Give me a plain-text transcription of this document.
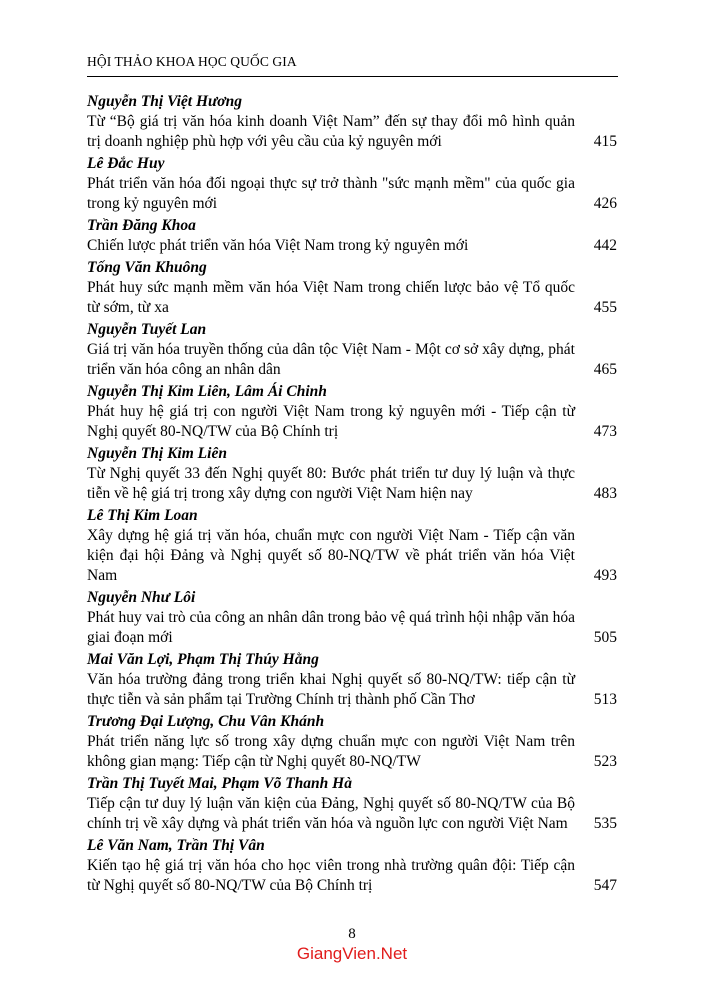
HỘI THẢO KHOA HỌC QUỐC GIA
Nguyễn Thị Việt Hương
Từ “Bộ giá trị văn hóa kinh doanh Việt Nam” đến sự thay đổi mô hình quản trị doanh nghiệp phù hợp với yêu cầu của kỷ nguyên mới	415
Lê Đắc Huy
Phát triển văn hóa đối ngoại thực sự trở thành "sức mạnh mềm" của quốc gia trong kỷ nguyên mới	426
Trần Đăng Khoa
Chiến lược phát triển văn hóa Việt Nam trong kỷ nguyên mới	442
Tống Văn Khuông
Phát huy sức mạnh mềm văn hóa Việt Nam trong chiến lược bảo vệ Tổ quốc từ sớm, từ xa	455
Nguyễn Tuyết Lan
Giá trị văn hóa truyền thống của dân tộc Việt Nam - Một cơ sở xây dựng, phát triển văn hóa công an nhân dân	465
Nguyễn Thị Kim Liên, Lâm Ái Chinh
Phát huy hệ giá trị con người Việt Nam trong kỷ nguyên mới - Tiếp cận từ Nghị quyết 80-NQ/TW của Bộ Chính trị	473
Nguyễn Thị Kim Liên
Từ Nghị quyết 33 đến Nghị quyết 80: Bước phát triển tư duy lý luận và thực tiễn về hệ giá trị trong xây dựng con người Việt Nam hiện nay	483
Lê Thị Kim Loan
Xây dựng hệ giá trị văn hóa, chuẩn mực con người Việt Nam - Tiếp cận văn kiện đại hội Đảng và Nghị quyết số 80-NQ/TW về phát triển văn hóa Việt Nam	493
Nguyễn Như Lôi
Phát huy vai trò của công an nhân dân trong bảo vệ quá trình hội nhập văn hóa giai đoạn mới	505
Mai Văn Lợi, Phạm Thị Thúy Hằng
Văn hóa trường đảng trong triển khai Nghị quyết số 80-NQ/TW: tiếp cận từ thực tiễn và sản phẩm tại Trường Chính trị thành phố Cần Thơ	513
Trương Đại Lượng, Chu Vân Khánh
Phát triển năng lực số trong xây dựng chuẩn mực con người Việt Nam trên không gian mạng: Tiếp cận từ Nghị quyết 80-NQ/TW	523
Trần Thị Tuyết Mai, Phạm Võ Thanh Hà
Tiếp cận tư duy lý luận văn kiện của Đảng, Nghị quyết số 80-NQ/TW của Bộ chính trị về xây dựng và phát triển văn hóa và nguồn lực con người Việt Nam	535
Lê Văn Nam, Trần Thị Vân
Kiến tạo hệ giá trị văn hóa cho học viên trong nhà trường quân đội: Tiếp cận từ Nghị quyết số 80-NQ/TW của Bộ Chính trị	547
8
GiangVien.Net
